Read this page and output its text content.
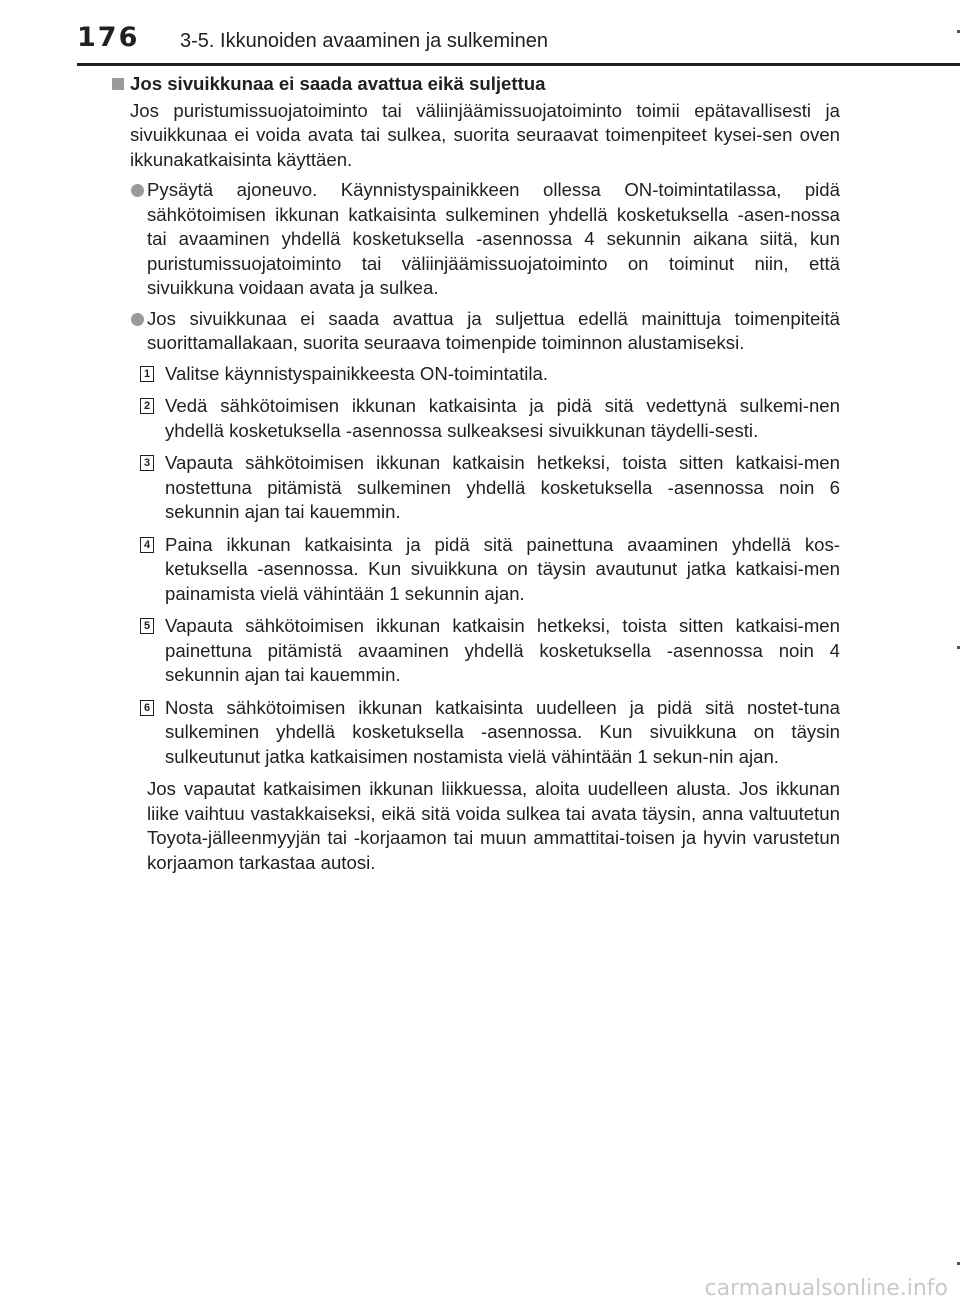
176 3-5. Ikkunoiden avaaminen ja sulkeminen
Jos sivuikkunaa ei saada avattua eikä suljettua

Jos puristumissuojatoiminto tai väliinjäämissuojatoiminto toimii epätavallisesti ja sivuikkunaa ei voida avata tai sulkea, suorita seuraavat toimenpiteet kysei-sen oven ikkunakatkaisinta käyttäen.

Pysäytä ajoneuvo. Käynnistyspainikkeen ollessa ON-toimintatilassa, pidä sähkötoimisen ikkunan katkaisinta sulkeminen yhdellä kosketuksella -asen-nossa tai avaaminen yhdellä kosketuksella -asennossa 4 sekunnin aikana siitä, kun puristumissuojatoiminto tai väliinjäämissuojatoiminto on toiminut niin, että sivuikkuna voidaan avata ja sulkea.

Jos sivuikkunaa ei saada avattua ja suljettua edellä mainittuja toimenpiteitä suorittamallakaan, suorita seuraava toimenpide toiminnon alustamiseksi.

1 Valitse käynnistyspainikkeesta ON-toimintatila.

2 Vedä sähkötoimisen ikkunan katkaisinta ja pidä sitä vedettynä sulkemi-nen yhdellä kosketuksella -asennossa sulkeaksesi sivuikkunan täydelli-sesti.

3 Vapauta sähkötoimisen ikkunan katkaisin hetkeksi, toista sitten katkaisi-men nostettuna pitämistä sulkeminen yhdellä kosketuksella -asennossa noin 6 sekunnin ajan tai kauemmin.

4 Paina ikkunan katkaisinta ja pidä sitä painettuna avaaminen yhdellä kos-ketuksella -asennossa. Kun sivuikkuna on täysin avautunut jatka katkaisi-men painamista vielä vähintään 1 sekunnin ajan.

5 Vapauta sähkötoimisen ikkunan katkaisin hetkeksi, toista sitten katkaisi-men painettuna pitämistä avaaminen yhdellä kosketuksella -asennossa noin 4 sekunnin ajan tai kauemmin.

6 Nosta sähkötoimisen ikkunan katkaisinta uudelleen ja pidä sitä nostet-tuna sulkeminen yhdellä kosketuksella -asennossa. Kun sivuikkuna on täysin sulkeutunut jatka katkaisimen nostamista vielä vähintään 1 sekun-nin ajan.

Jos vapautat katkaisimen ikkunan liikkuessa, aloita uudelleen alusta. Jos ikkunan liike vaihtuu vastakkaiseksi, eikä sitä voida sulkea tai avata täysin, anna valtuutetun Toyota-jälleenmyyjän tai -korjaamon tai muun ammattitai-toisen ja hyvin varustetun korjaamon tarkastaa autosi.

carmanualsonline.info
